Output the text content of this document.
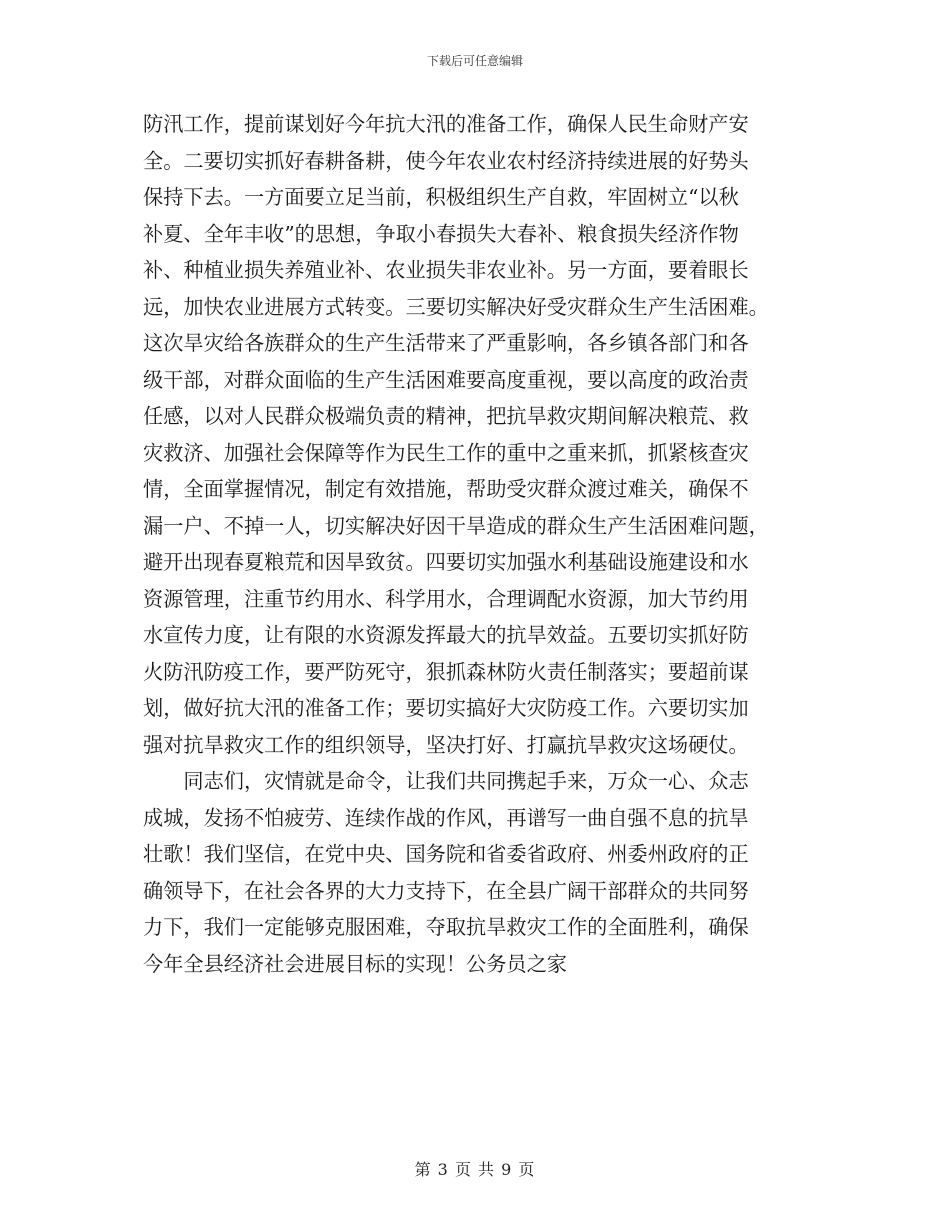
下载后可任意编辑
防汛工作，提前谋划好今年抗大汛的准备工作，确保人民生命财产安
全。二要切实抓好春耕备耕，使今年农业农村经济持续进展的好势头
保持下去。一方面要立足当前，积极组织生产自救，牢固树立“以秋
补夏、全年丰收”的思想，争取小春损失大春补、粮食损失经济作物
补、种植业损失养殖业补、农业损失非农业补。另一方面，要着眼长
远，加快农业进展方式转变。三要切实解决好受灾群众生产生活困难。
这次旱灾给各族群众的生产生活带来了严重影响，各乡镇各部门和各
级干部，对群众面临的生产生活困难要高度重视，要以高度的政治责
任感，以对人民群众极端负责的精神，把抗旱救灾期间解决粮荒、救
灾救济、加强社会保障等作为民生工作的重中之重来抓，抓紧核查灾
情，全面掌握情况，制定有效措施，帮助受灾群众渡过难关，确保不
漏一户、不掉一人，切实解决好因干旱造成的群众生产生活困难问题，
避开出现春夏粮荒和因旱致贫。四要切实加强水利基础设施建设和水
资源管理，注重节约用水、科学用水，合理调配水资源，加大节约用
水宣传力度，让有限的水资源发挥最大的抗旱效益。五要切实抓好防
火防汛防疫工作，要严防死守，狠抓森林防火责任制落实；要超前谋
划，做好抗大汛的准备工作；要切实搞好大灾防疫工作。六要切实加
强对抗旱救灾工作的组织领导，坚决打好、打赢抗旱救灾这场硬仗。
　　同志们，灾情就是命令，让我们共同携起手来，万众一心、众志
成城，发扬不怕疲劳、连续作战的作风，再谱写一曲自强不息的抗旱
壮歌！我们坚信，在党中央、国务院和省委省政府、州委州政府的正
确领导下，在社会各界的大力支持下，在全县广阔干部群众的共同努
力下，我们一定能够克服困难，夺取抗旱救灾工作的全面胜利，确保
今年全县经济社会进展目标的实现！公务员之家
第 3 页 共 9 页
